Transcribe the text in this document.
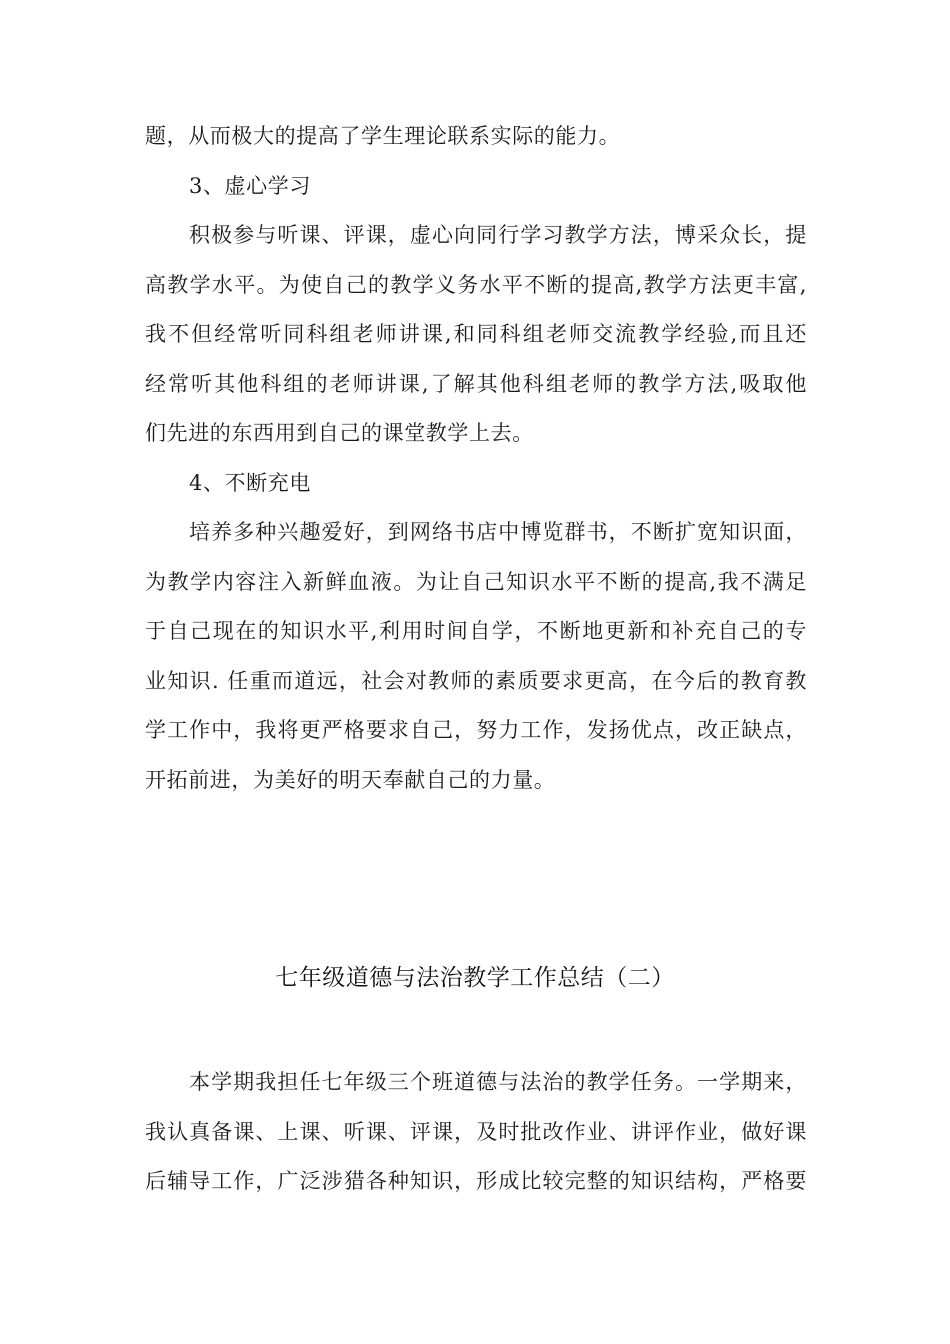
题，从而极大的提高了学生理论联系实际的能力。
3、虚心学习
积极参与听课、评课，虚心向同行学习教学方法，博采众长，提
高教学水平。为使自己的教学义务水平不断的提高,教学方法更丰富,
我不但经常听同科组老师讲课,和同科组老师交流教学经验,而且还
经常听其他科组的老师讲课,了解其他科组老师的教学方法,吸取他
们先进的东西用到自己的课堂教学上去。
4、不断充电
培养多种兴趣爱好，到网络书店中博览群书，不断扩宽知识面，
为教学内容注入新鲜血液。为让自己知识水平不断的提高,我不满足
于自己现在的知识水平,利用时间自学，不断地更新和补充自己的专
业知识. 任重而道远，社会对教师的素质要求更高，在今后的教育教
学工作中，我将更严格要求自己，努力工作，发扬优点，改正缺点，
开拓前进，为美好的明天奉献自己的力量。
七年级道德与法治教学工作总结（二）
本学期我担任七年级三个班道德与法治的教学任务。一学期来，
我认真备课、上课、听课、评课，及时批改作业、讲评作业，做好课
后辅导工作，广泛涉猎各种知识，形成比较完整的知识结构，严格要
